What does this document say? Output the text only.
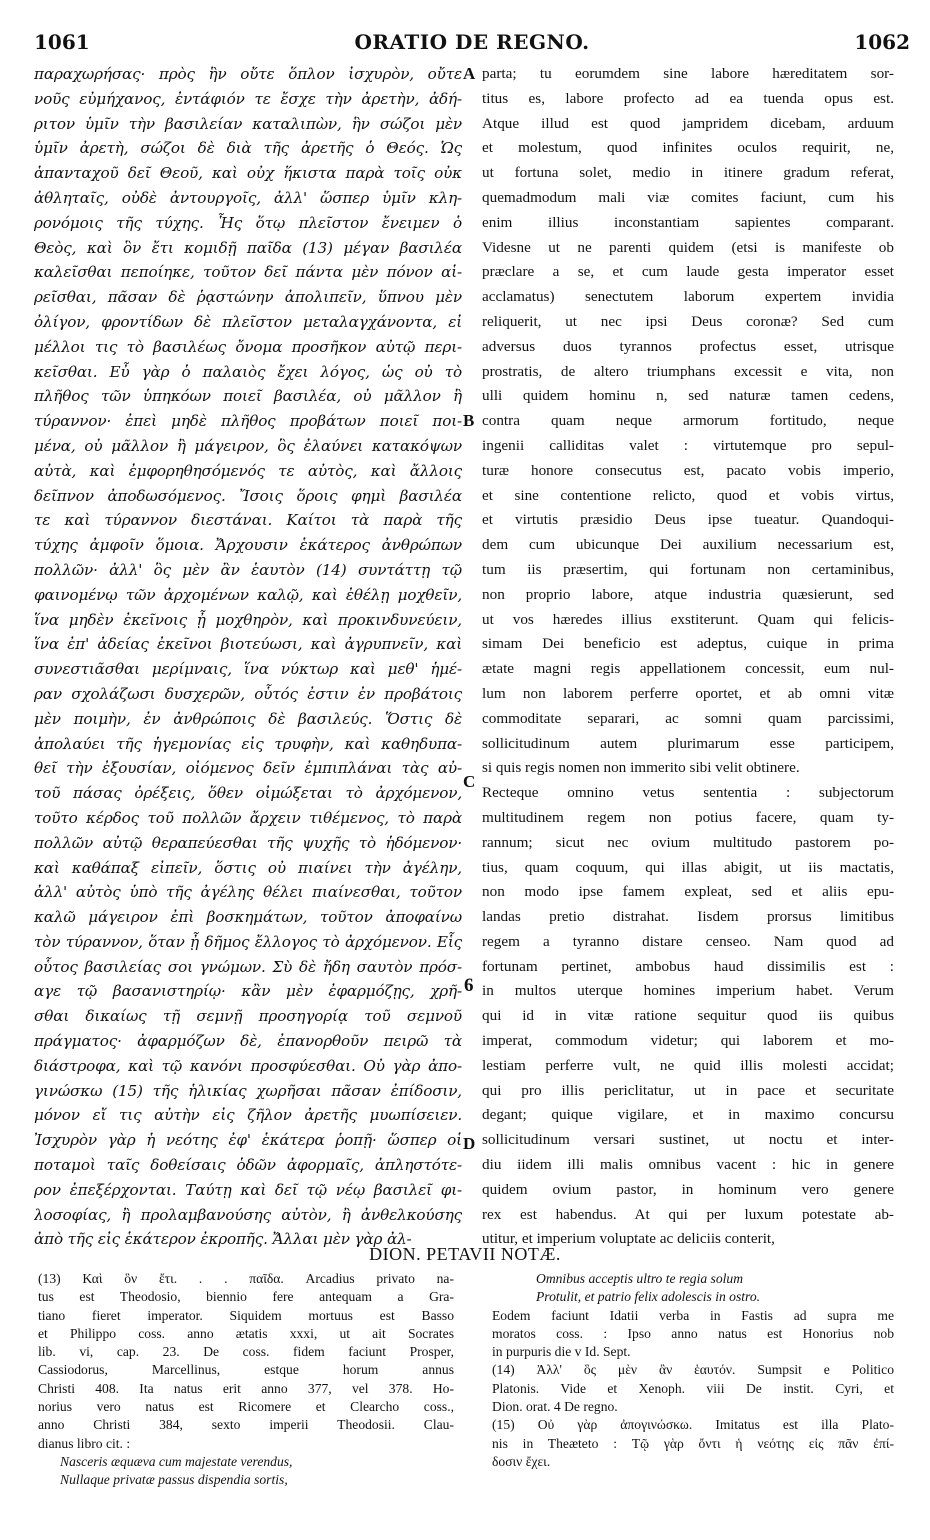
1061	ORATIO DE REGNO.	1062
παραχωρήσας· πρὸς ἣν οὔτε ὅπλον ἰσχυρὸν, οὔτε
νοῦς εὐμήχανος, ἐντάφιόν τε ἔσχε τὴν ἀρετὴν, ἀδή-
ριτον ὑμῖν τὴν βασιλείαν καταλιπὼν, ἣν σώζοι μὲν
ὑμῖν ἀρετὴ, σώζοι δὲ διὰ τῆς ἀρετῆς ὁ Θεός. Ὡς
ἁπανταχοῦ δεῖ Θεοῦ, καὶ οὐχ ἥκιστα παρὰ τοῖς οὐκ
ἀθληταῖς, οὐδὲ ἀντουργοῖς, ἀλλ' ὥσπερ ὑμῖν κλη-
ρονόμοις τῆς τύχης. Ἧς ὅτῳ πλεῖστον ἔνειμεν ὁ
Θεὸς, καὶ ὃν ἔτι κομιδῇ παῖδα (13) μέγαν βασιλέα
καλεῖσθαι πεποίηκε, τοῦτον δεῖ πάντα μὲν πόνον αἱ-
ρεῖσθαι, πᾶσαν δὲ ῥᾳστώνην ἀπολιπεῖν, ὕπνου μὲν
ὀλίγον, φροντίδων δὲ πλεῖστον μεταλαγχάνοντα, εἰ
μέλλοι τις τὸ βασιλέως ὄνομα προσῆκον αὐτῷ περι-
κεῖσθαι. Εὖ γὰρ ὁ παλαιὸς ἔχει λόγος, ὡς οὐ τὸ
πλῆθος τῶν ὑπηκόων ποιεῖ βασιλέα, οὐ μᾶλλον ἢ
τύραννον· ἐπεὶ μηδὲ πλῆθος προβάτων ποιεῖ ποι-
μένα, οὐ μᾶλλον ἢ μάγειρον, ὃς ἐλαύνει κατακόψων
αὐτὰ, καὶ ἐμφορηθησόμενός τε αὐτὸς, καὶ ἄλλοις
δεῖπνον ἀποδωσόμενος. Ἴσοις ὅροις φημὶ βασιλέα
τε καὶ τύραννον διεστάναι. Καίτοι τὰ παρὰ τῆς
τύχης ἀμφοῖν ὅμοια. Ἄρχουσιν ἑκάτερος ἀνθρώπων
πολλῶν· ἀλλ' ὃς μὲν ἂν ἑαυτὸν (14) συντάττῃ τῷ
φαινομένῳ τῶν ἀρχομένων καλῷ, καὶ ἐθέλῃ μοχθεῖν,
ἵνα μηδὲν ἐκεῖνοις ᾖ μοχθηρὸν, καὶ προκινδυνεύειν,
ἵνα ἐπ' ἀδείας ἐκεῖνοι βιοτεύωσι, καὶ ἀγρυπνεῖν, καὶ
συνεστιᾶσθαι μερίμναις, ἵνα νύκτωρ καὶ μεθ' ἡμέ-
ραν σχολάζωσι δυσχερῶν, οὗτός ἐστιν ἐν προβάτοις
μὲν ποιμὴν, ἐν ἀνθρώποις δὲ βασιλεύς. Ὅστις δὲ
ἀπολαύει τῆς ἡγεμονίας εἰς τρυφὴν, καὶ καθηδυπα-
θεῖ τὴν ἐξουσίαν, οἰόμενος δεῖν ἐμπιπλάναι τὰς αὐ-
τοῦ πάσας ὀρέξεις, ὅθεν οἰμώξεται τὸ ἀρχόμενον,
τοῦτο κέρδος τοῦ πολλῶν ἄρχειν τιθέμενος, τὸ παρὰ
πολλῶν αὐτῷ θεραπεύεσθαι τῆς ψυχῆς τὸ ἡδόμενον·
καὶ καθάπαξ εἰπεῖν, ὅστις οὐ πιαίνει τὴν ἀγέλην,
ἀλλ' αὐτὸς ὑπὸ τῆς ἀγέλης θέλει πιαίνεσθαι, τοῦτον
καλῶ μάγειρον ἐπὶ βοσκημάτων, τοῦτον ἀποφαίνω
τὸν τύραννον, ὅταν ᾖ δῆμος ἔλλογος τὸ ἀρχόμενον. Εἷς
οὗτος βασιλείας σοι γνώμων. Σὺ δὲ ἤδη σαυτὸν πρόσ-
αγε τῷ βασανιστηρίῳ· κἂν μὲν ἐφαρμόζῃς, χρῆ-
σθαι δικαίως τῇ σεμνῇ προσηγορίᾳ τοῦ σεμνοῦ
πράγματος· ἀφαρμόζων δὲ, ἐπανορθοῦν πειρῶ τὰ
διάστροφα, καὶ τῷ κανόνι προσφύεσθαι. Οὐ γὰρ ἀπο-
γινώσκω (15) τῆς ἡλικίας χωρῆσαι πᾶσαν ἐπίδοσιν,
μόνον εἴ τις αὐτὴν εἰς ζῆλον ἀρετῆς μυωπίσειεν.
Ἰσχυρὸν γὰρ ἡ νεότης ἐφ' ἑκάτερα ῥοπῇ· ὥσπερ οἱ
ποταμοὶ ταῖς δοθείσαις ὁδῶν ἀφορμαῖς, ἀπληστότε-
ρον ἐπεξέρχονται. Ταύτῃ καὶ δεῖ τῷ νέῳ βασιλεῖ φι-
λοσοφίας, ἢ προλαμβανούσης αὐτὸν, ἢ ἀνθελκούσης
ἀπὸ τῆς εἰς ἑκάτερον ἐκροπῆς. Ἄλλαι μὲν γὰρ ἀλ-
parta; tu eorumdem sine labore hæreditatem sor-
titus es, labore profecto ad ea tuenda opus est.
Atque illud est quod jampridem dicebam, arduum
et molestum, quod infinites oculos requirit, ne,
ut fortuna solet, medio in itinere gradum referat,
quemadmodum mali viæ comites faciunt, cum his
enim illius inconstantiam sapientes comparant.
Videsne ut ne parenti quidem (etsi is manifeste ob
præclare a se, et cum laude gesta imperator esset
acclamatus) senectutem laborum expertem invidia
reliquerit, ut nec ipsi Deus coronæ? Sed cum
adversus duos tyrannos profectus esset, utrisque
prostratis, de altero triumphans excessit e vita, non
ulli quidem hominu n, sed naturæ tamen cedens,
contra quam neque armorum fortitudo, neque
ingenii calliditas valet : virtutemque pro sepul-
turæ honore consecutus est, pacato vobis imperio,
et sine contentione relicto, quod et vobis virtus,
et virtutis præsidio Deus ipse tueatur. Quandoqui-
dem cum ubicunque Dei auxilium necessarium est,
tum iis præsertim, qui fortunam non certaminibus,
non proprio labore, atque industria quæsierunt, sed
ut vos hæredes illius exstiterunt. Quam qui felicis-
simam Dei beneficio est adeptus, cuique in prima
ætate magni regis appellationem concessit, eum nul-
lum non laborem perferre oportet, et ab omni vitæ
commoditate separari, ac somni quam parcissimi,
sollicitudinum autem plurimarum esse participem,
si quis regis nomen non immerito sibi velit obtinere.
Recteque omnino vetus sententia : subjectorum
multitudinem regem non potius facere, quam ty-
rannum; sicut nec ovium multitudo pastorem po-
tius, quam coquum, qui illas abigit, ut iis mactatis,
non modo ipse famem expleat, sed et aliis epu-
landas pretio distrahat. Iisdem prorsus limitibus
regem a tyranno distare censeo. Nam quod ad
fortunam pertinet, ambobus haud dissimilis est :
in multos uterque homines imperium habet. Verum
qui id in vitæ ratione sequitur quod iis quibus
imperat, commodum videtur; qui laborem et mo-
lestiam perferre vult, ne quid illis molesti accidat;
qui pro illis periclitatur, ut in pace et securitate
degant; quique vigilare, et in maximo concursu
sollicitudinum versari sustinet, ut noctu et inter-
diu iidem illi malis omnibus vacent : hic in genere
quidem ovium pastor, in hominum vero genere
rex est habendus. At qui per luxum potestate ab-
utitur, et imperium voluptate ac deliciis conterit,
A
B
C
D
6
DION. PETAVII NOTÆ.
(13) Καὶ ὃν ἔτι. . . παῖδα. Arcadius privato na-
tus est Theodosio, biennio fere antequam a Gra-
tiano fieret imperator. Siquidem mortuus est Basso
et Philippo coss. anno ætatis xxxi, ut ait Socrates
lib. vi, cap. 23. De coss. fidem faciunt Prosper,
Cassiodorus, Marcellinus, estque horum annus
Christi 408. Ita natus erit anno 377, vel 378. Ho-
norius vero natus est Ricomere et Clearcho coss.,
anno Christi 384, sexto imperii Theodosii. Clau-
dianus libro cit. :
Nasceris æquæva cum majestate verendus,
Nullaque privatæ passus dispendia sortis,
Omnibus acceptis ultro te regia solum
Protulit, et patrio felix adolescis in ostro.
Eodem faciunt Idatii verba in Fastis ad supra me
moratos coss. : Ipso anno natus est Honorius nob
in purpuris die v Id. Sept.
(14) Ἀλλ' ὃς μὲν ἂν ἑαυτόν. Sumpsit e Politico
Platonis. Vide et Xenoph. viii De instit. Cyri, et
Dion. orat. 4 De regno.
(15) Οὐ γὰρ ἀπογινώσκω. Imitatus est illa Plato-
nis in Theæteto : Τῷ γὰρ ὄντι ἡ νεότης εἰς πᾶν ἐπί-
δοσιν ἔχει.
